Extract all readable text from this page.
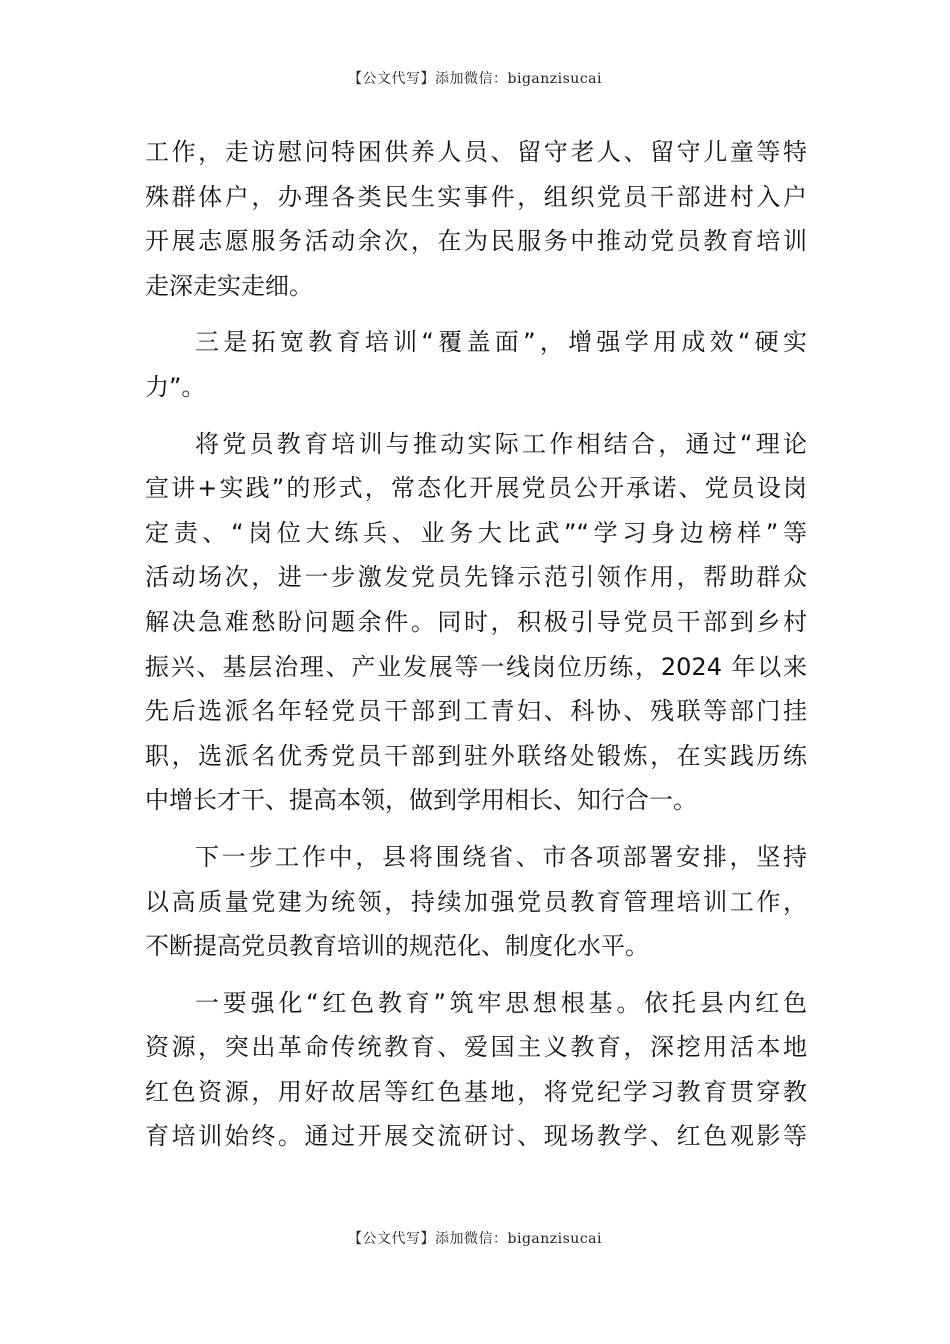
【公文代写】添加微信：biganzisucai

工作，走访慰问特困供养人员、留守老人、留守儿童等特
殊群体户，办理各类民生实事件，组织党员干部进村入户
开展志愿服务活动余次，在为民服务中推动党员教育培训
走深走实走细。

三是拓宽教育培训“覆盖面”，增强学用成效“硬实
力”。

将党员教育培训与推动实际工作相结合，通过“理论
宣讲+实践”的形式，常态化开展党员公开承诺、党员设岗
定责、“岗位大练兵、业务大比武”“学习身边榜样”等
活动场次，进一步激发党员先锋示范引领作用，帮助群众
解决急难愁盼问题余件。同时，积极引导党员干部到乡村
振兴、基层治理、产业发展等一线岗位历练，2024 年以来
先后选派名年轻党员干部到工青妇、科协、残联等部门挂
职，选派名优秀党员干部到驻外联络处锻炼，在实践历练
中增长才干、提高本领，做到学用相长、知行合一。

下一步工作中，县将围绕省、市各项部署安排，坚持
以高质量党建为统领，持续加强党员教育管理培训工作，
不断提高党员教育培训的规范化、制度化水平。

一要强化“红色教育”筑牢思想根基。依托县内红色
资源，突出革命传统教育、爱国主义教育，深挖用活本地
红色资源，用好故居等红色基地，将党纪学习教育贯穿教
育培训始终。通过开展交流研讨、现场教学、红色观影等

【公文代写】添加微信：biganzisucai
